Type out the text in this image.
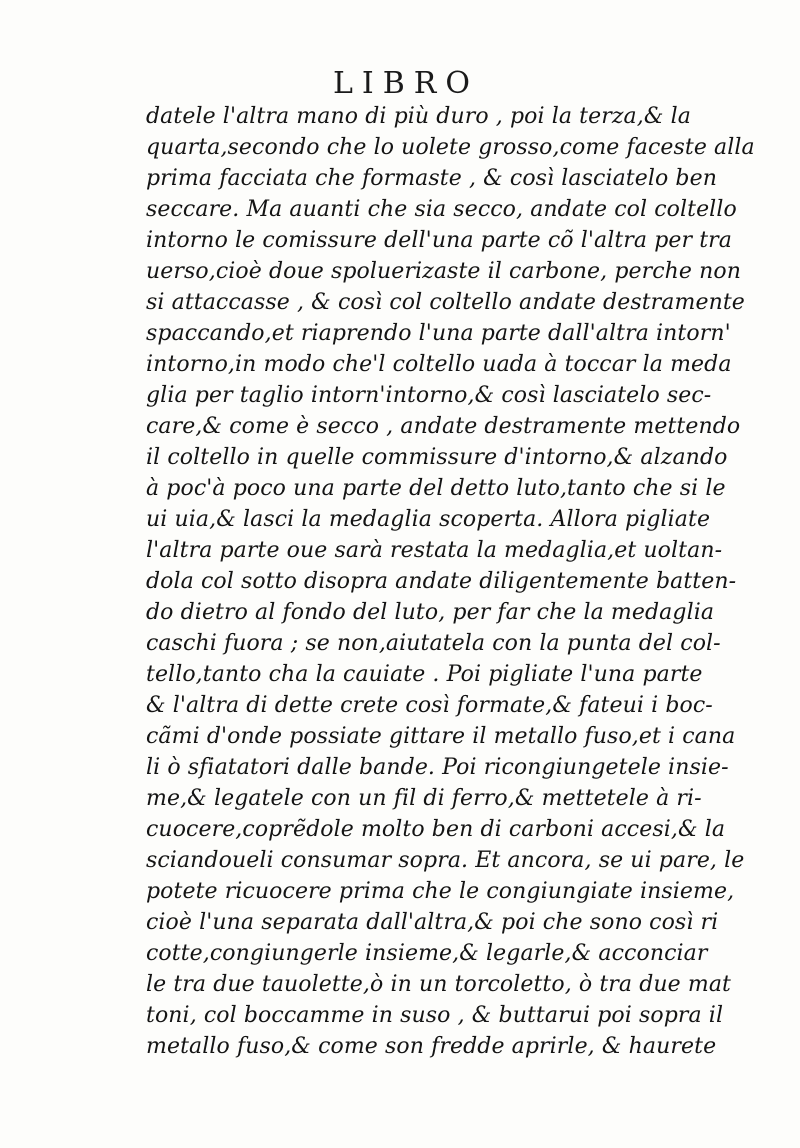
LIBRO
datele l'altra mano di più duro , poi la terza,& la
quarta,secondo che lo uolete grosso,come faceste alla
prima facciata che formaste , & così lasciatelo ben
seccare. Ma auanti che sia secco, andate col coltello
intorno le comissure dell'una parte cõ l'altra per tra
uerso,cioè doue spoluerizaste il carbone, perche non
si attaccasse , & così col coltello andate destramente
spaccando,et riaprendo l'una parte dall'altra intorn'
intorno,in modo che'l coltello uada à toccar la meda
glia per taglio intorn'intorno,& così lasciatelo sec-
care,& come è secco , andate destramente mettendo
il coltello in quelle commissure d'intorno,& alzando
à poc'à poco una parte del detto luto,tanto che si le
ui uia,& lasci la medaglia scoperta. Allora pigliate
l'altra parte oue sarà restata la medaglia,et uoltan-
dola col sotto disopra andate diligentemente batten-
do dietro al fondo del luto, per far che la medaglia
caschi fuora ; se non,aiutatela con la punta del col-
tello,tanto cha la cauiate . Poi pigliate l'una parte
& l'altra di dette crete così formate,& fateui i boc-
cãmi d'onde possiate gittare il metallo fuso,et i cana
li ò sfiatatori dalle bande. Poi ricongiungetele insie-
me,& legatele con un fil di ferro,& mettetele à ri-
cuocere,coprẽdole molto ben di carboni accesi,& la
sciandoueli consumar sopra. Et ancora, se ui pare, le
potete ricuocere prima che le congiungiate insieme,
cioè l'una separata dall'altra,& poi che sono così ri
cotte,congiungerle insieme,& legarle,& acconciar
le tra due tauolette,ò in un torcoletto, ò tra due mat
toni, col boccamme in suso , & buttarui poi sopra il
metallo fuso,& come son fredde aprirle, & haurete
